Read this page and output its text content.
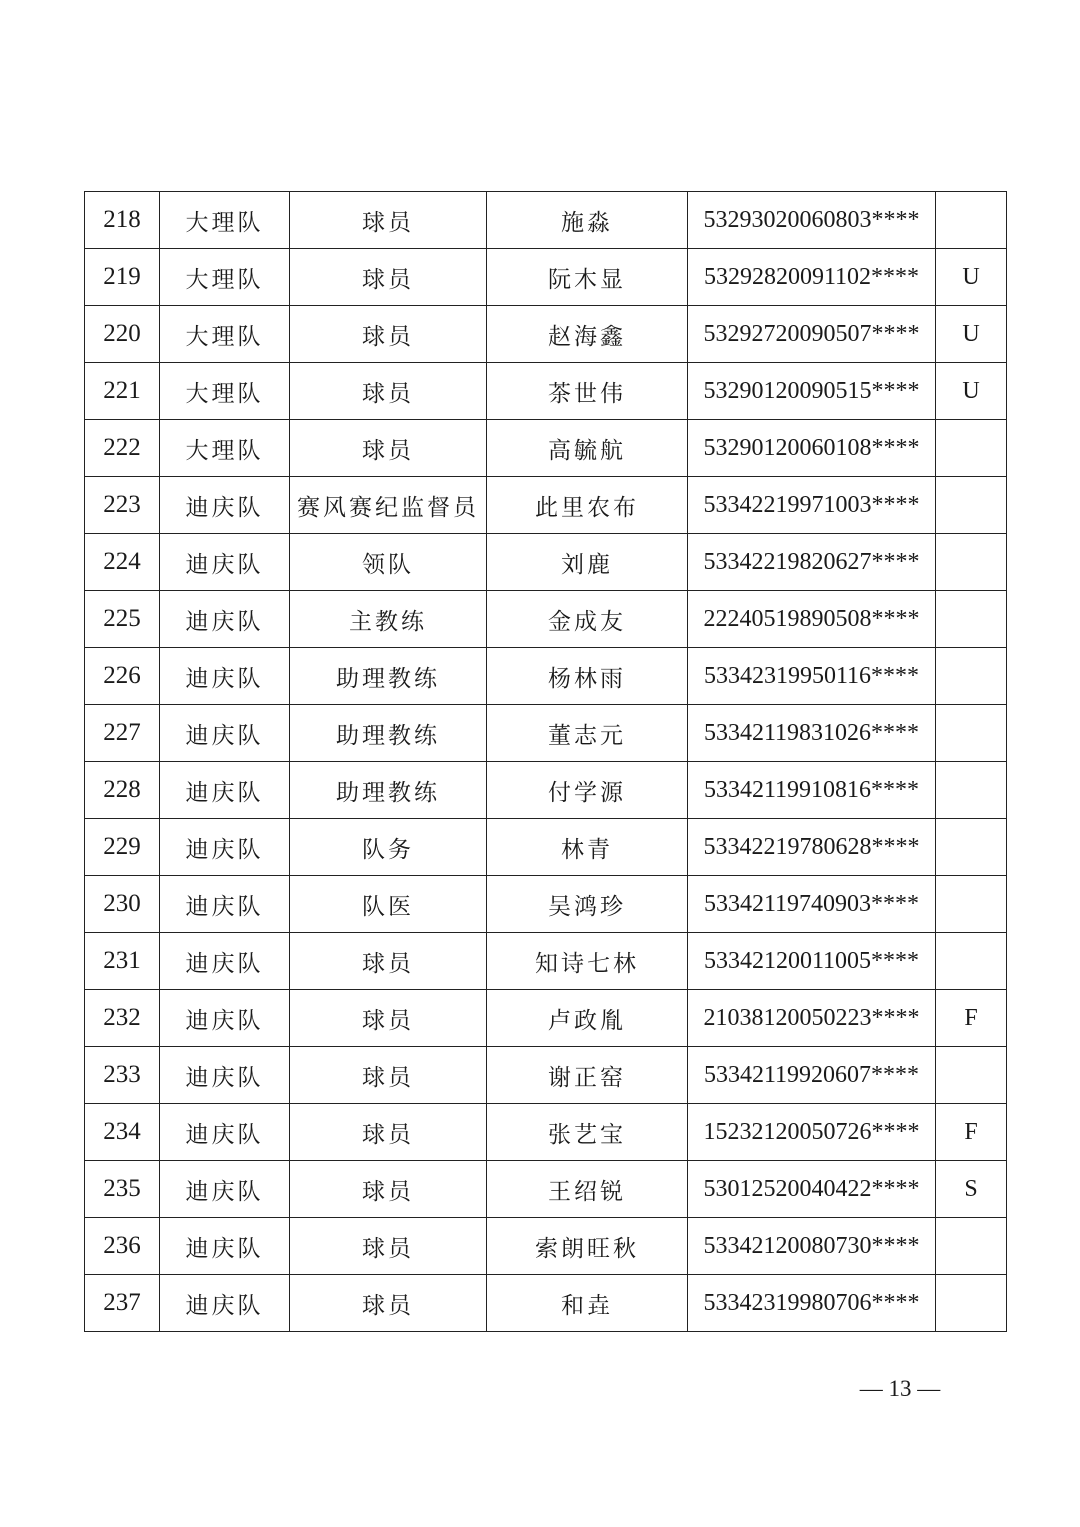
218	大理队	球员	施淼	53293020060803****	
219	大理队	球员	阮木显	53292820091102****	U
220	大理队	球员	赵海鑫	53292720090507****	U
221	大理队	球员	茶世伟	53290120090515****	U
222	大理队	球员	高毓航	53290120060108****	
223	迪庆队	赛风赛纪监督员	此里农布	53342219971003****	
224	迪庆队	领队	刘鹿	53342219820627****	
225	迪庆队	主教练	金成友	22240519890508****	
226	迪庆队	助理教练	杨林雨	53342319950116****	
227	迪庆队	助理教练	董志元	53342119831026****	
228	迪庆队	助理教练	付学源	53342119910816****	
229	迪庆队	队务	林青	53342219780628****	
230	迪庆队	队医	吴鸿珍	53342119740903****	
231	迪庆队	球员	知诗七林	53342120011005****	
232	迪庆队	球员	卢政胤	21038120050223****	F
233	迪庆队	球员	谢正窑	53342119920607****	
234	迪庆队	球员	张艺宝	15232120050726****	F
235	迪庆队	球员	王绍锐	53012520040422****	S
236	迪庆队	球员	索朗旺秋	53342120080730****	
237	迪庆队	球员	和垚	53342319980706****	
— 13 —
